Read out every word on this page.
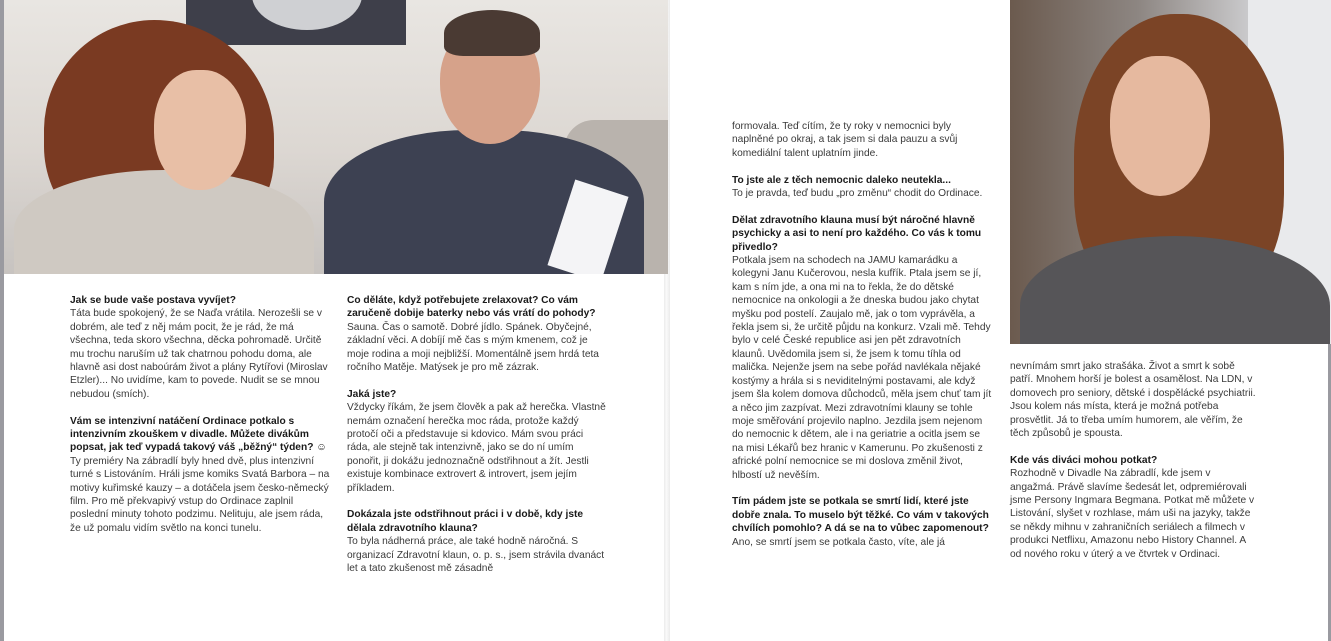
Jak se bude vaše postava vyvíjet?
Táta bude spokojený, že se Naďa vrátila. Nerozešli se v dobrém, ale teď z něj mám pocit, že je rád, že má všechna, teda skoro všechna, děcka pohromadě. Určitě mu trochu naruším už tak chatrnou pohodu doma, ale hlavně asi dost naboúrám život a plány Rytířovi (Miroslav Etzler)... No uvidíme, kam to povede. Nudit se se mnou nebudou (smích).

Vám se intenzivní natáčení Ordinace potkalo s intenzivním zkouškem v divadle. Můžete divákům popsat, jak teď vypadá takový váš „běžný“ týden? ☺
Ty premiéry Na zábradlí byly hned dvě, plus intenzivní turné s Listováním. Hráli jsme komiks Svatá Barbora – na motivy kuřimské kauzy – a dotáčela jsem česko-německý film. Pro mě překvapivý vstup do Ordinace zaplnil poslední minuty tohoto podzimu. Nelituju, ale jsem ráda, že už pomalu vidím světlo na konci tunelu.

Co děláte, když potřebujete zrelaxovat? Co vám zaručeně dobije baterky nebo vás vrátí do pohody?
Sauna. Čas o samotě. Dobré jídlo. Spánek. Obyčejné, základní věci. A dobíjí mě čas s mým kmenem, což je moje rodina a moji nejbližší. Momentálně jsem hrdá teta ročního Matěje. Matýsek je pro mě zázrak.

Jaká jste?
Vždycky říkám, že jsem člověk a pak až herečka. Vlastně nemám označení herečka moc ráda, protože každý protočí oči a představuje si kdovico. Mám svou práci ráda, ale stejně tak intenzivně, jako se do ní umím ponořit, ji dokážu jednoznačně odstřihnout a žít. Jestli existuje kombinace extrovert & introvert, jsem jejím příkladem.

Dokázala jste odstřihnout práci i v době, kdy jste dělala zdravotního klauna?
To byla nádherná práce, ale také hodně náročná. S organizací Zdravotní klaun, o. p. s., jsem strávila dvanáct let a tato zkušenost mě zásadně

formovala. Teď cítím, že ty roky v nemocnici byly naplněné po okraj, a tak jsem si dala pauzu a svůj komediální talent uplatním jinde.

To jste ale z těch nemocnic daleko neutekla...
To je pravda, teď budu „pro změnu“ chodit do Ordinace.

Dělat zdravotního klauna musí být náročné hlavně psychicky a asi to není pro každého. Co vás k tomu přivedlo?
Potkala jsem na schodech na JAMU kamarádku a kolegyni Janu Kučerovou, nesla kufřík. Ptala jsem se jí, kam s ním jde, a ona mi na to řekla, že do dětské nemocnice na onkologii a že dneska budou jako chytat myšku pod postelí. Zaujalo mě, jak o tom vyprávěla, a řekla jsem si, že určitě půjdu na konkurz. Vzali mě. Tehdy bylo v celé České republice asi jen pět zdravotních klaunů. Uvědomila jsem si, že jsem k tomu tíhla od malička. Nejenže jsem na sebe pořád navlékala nějaké kostýmy a hrála si s neviditelnými postavami, ale když jsem šla kolem domova důchodců, měla jsem chuť tam jít a něco jim zazpívat. Mezi zdravotními klauny se tohle moje směřování projevilo naplno. Jezdila jsem nejenom do nemocnic k dětem, ale i na geriatrie a ocitla jsem se na misi Lékařů bez hranic v Kamerunu. Po zkušenosti z africké polní nemocnice se mi doslova změnil život, hlbostí už nevěším.

Tím pádem jste se potkala se smrtí lidí, které jste dobře znala. To muselo být těžké. Co vám v takových chvílích pomohlo? A dá se na to vůbec zapomenout?
Ano, se smrtí jsem se potkala často, víte, ale já

nevnímám smrt jako strašáka. Život a smrt k sobě patří. Mnohem horší je bolest a osamělost. Na LDN, v domovech pro seniory, dětské i dospělácké psychiatrii. Jsou kolem nás místa, která je možná potřeba prosvětlit. Já to třeba umím humorem, ale věřím, že těch způsobů je spousta.

Kde vás diváci mohou potkat?
Rozhodně v Divadle Na zábradlí, kde jsem v angažmá. Právě slavíme šedesát let, odpremiérovali jsme Persony Ingmara Begmana. Potkat mě můžete v Listování, slyšet v rozhlase, mám uši na jazyky, takže se někdy mihnu v zahraničních seriálech a filmech v produkci Netflixu, Amazonu nebo History Channel. A od nového roku v úterý a ve čtvrtek v Ordinaci.
